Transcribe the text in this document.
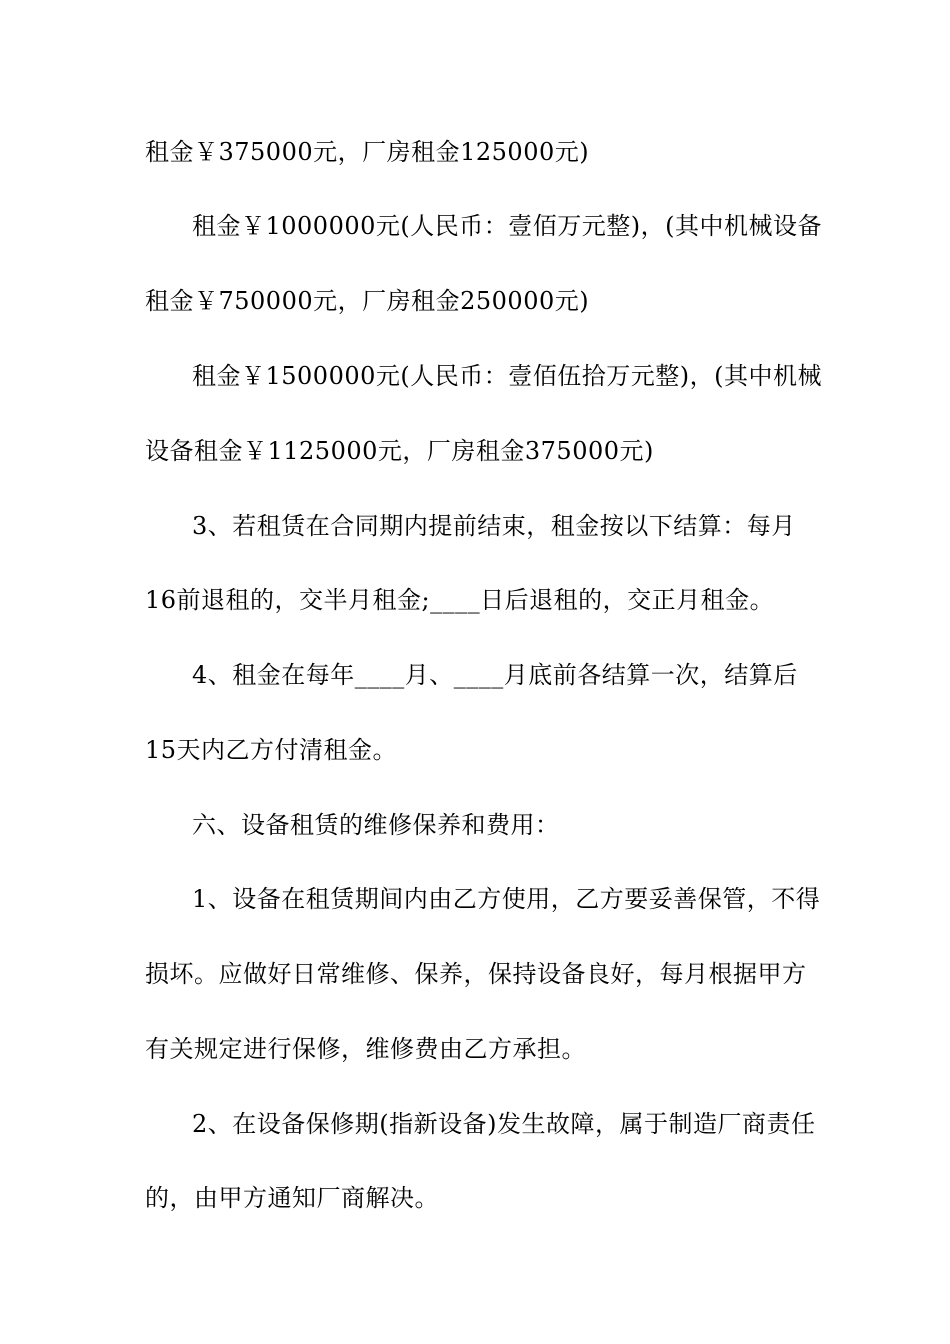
租金￥375000元，厂房租金125000元)
租金￥1000000元(人民币：壹佰万元整)，(其中机械设备
租金￥750000元，厂房租金250000元)
租金￥1500000元(人民币：壹佰伍拾万元整)，(其中机械
设备租金￥1125000元，厂房租金375000元)
3、若租赁在合同期内提前结束，租金按以下结算：每月
16前退租的，交半月租金;____日后退租的，交正月租金。
4、租金在每年____月、____月底前各结算一次，结算后
15天内乙方付清租金。
六、设备租赁的维修保养和费用：
1、设备在租赁期间内由乙方使用，乙方要妥善保管，不得
损坏。应做好日常维修、保养，保持设备良好，每月根据甲方
有关规定进行保修，维修费由乙方承担。
2、在设备保修期(指新设备)发生故障，属于制造厂商责任
的，由甲方通知厂商解决。
